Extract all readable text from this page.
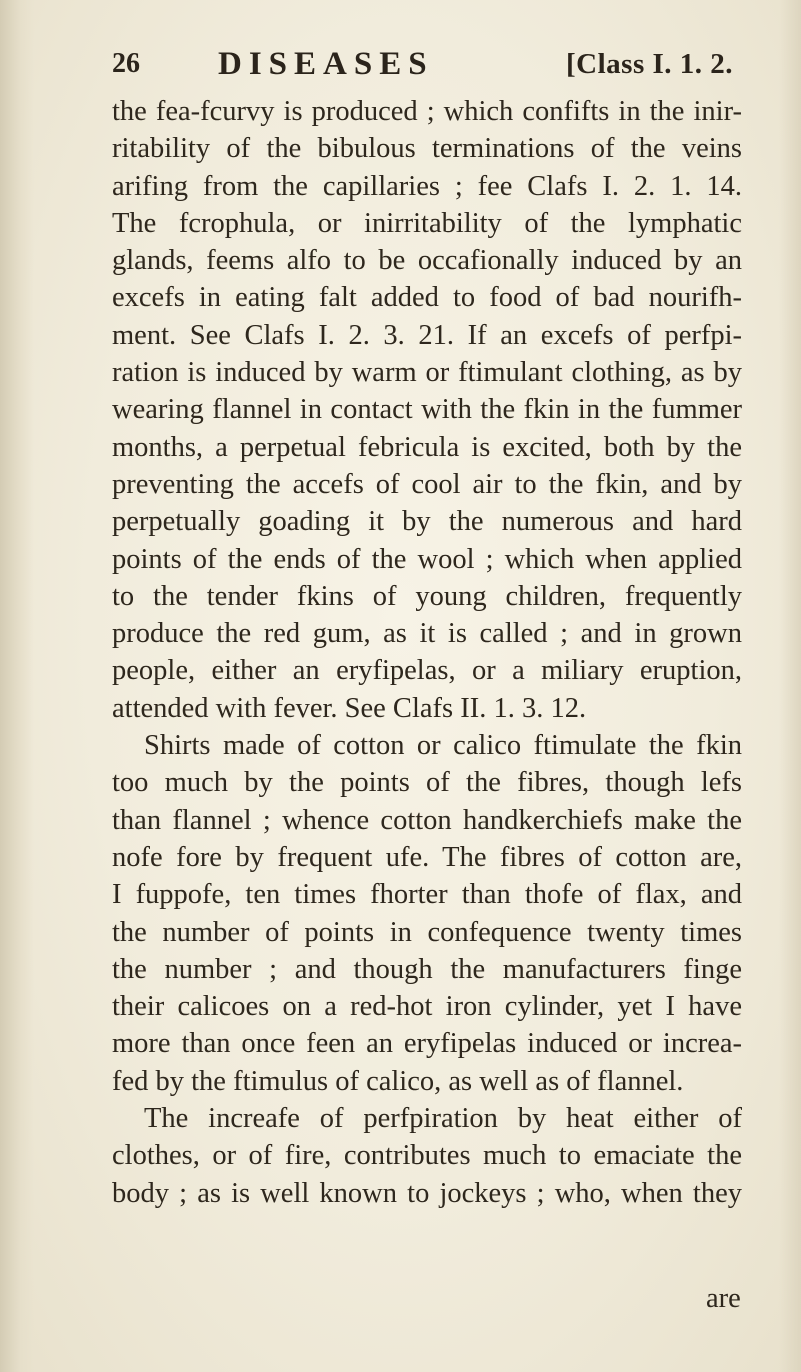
26 DISEASES	[Class I. 1. 2.
the fea-fcurvy is produced ; which confifts in the inir-
ritability of the bibulous terminations of the veins
arifing from the capillaries ; fee Clafs I. 2. 1. 14.
The fcrophula, or inirritability of the lymphatic
glands, feems alfo to be occafionally induced by an
excefs in eating falt added to food of bad nourifh-
ment. See Clafs I. 2. 3. 21. If an excefs of perfpi-
ration is induced by warm or ftimulant clothing, as by
wearing flannel in contact with the fkin in the fummer
months, a perpetual febricula is excited, both by the
preventing the accefs of cool air to the fkin, and by
perpetually goading it by the numerous and hard
points of the ends of the wool ; which when applied
to the tender fkins of young children, frequently
produce the red gum, as it is called ; and in grown
people, either an eryfipelas, or a miliary eruption,
attended with fever. See Clafs II. 1. 3. 12.
Shirts made of cotton or calico ftimulate the fkin
too much by the points of the fibres, though lefs
than flannel ; whence cotton handkerchiefs make the
nofe fore by frequent ufe. The fibres of cotton are,
I fuppofe, ten times fhorter than thofe of flax, and
the number of points in confequence twenty times
the number ; and though the manufacturers finge
their calicoes on a red-hot iron cylinder, yet I have
more than once feen an eryfipelas induced or increa-
fed by the ftimulus of calico, as well as of flannel.
The increafe of perfpiration by heat either of
clothes, or of fire, contributes much to emaciate the
body ; as is well known to jockeys ; who, when they
are
